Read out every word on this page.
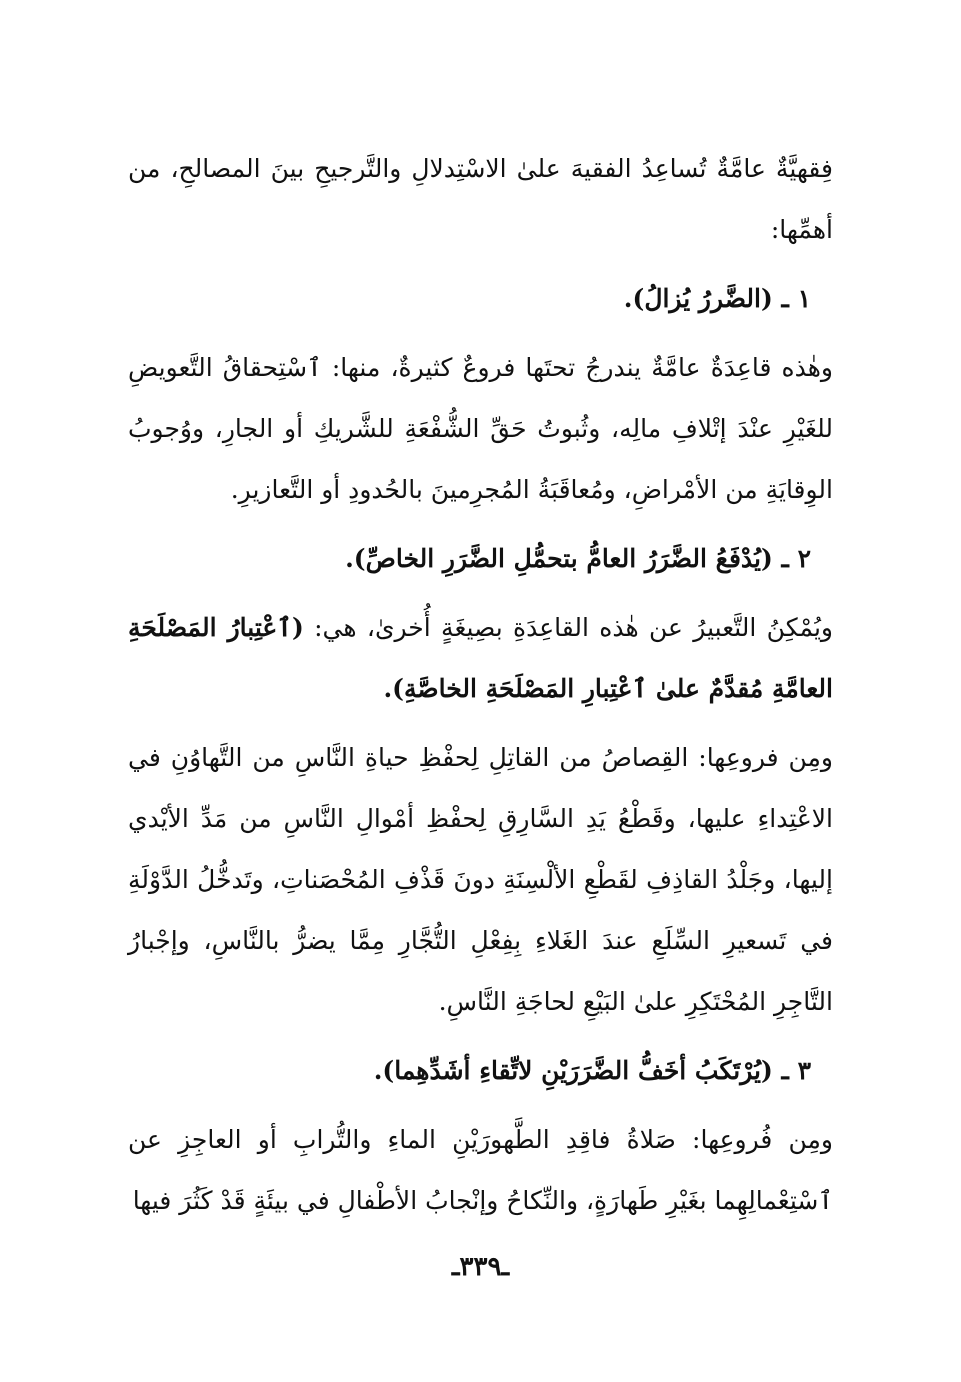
فِقهيَّةٌ عامَّةٌ تُساعِدُ الفقيهَ علىٰ الاسْتِدلالِ والتَّرجيحِ بينَ المصالحِ، من أهمِّها:

١ ـ (الضَّررُ يُزالُ).

وهٰذه قاعِدَةٌ عامَّةٌ يندرجُ تحتَها فروعٌ كثيرةٌ، منها: ٱسْتِحقاقُ التَّعويضِ للغَيْرِ عنْدَ إتْلافِ مالِه، وثُبوتُ حَقِّ الشُّفْعَةِ للشَّريكِ أو الجارِ، ووُجوبُ الوِقايَةِ من الأمْراضِ، ومُعاقَبَةُ المُجرِمينَ بالحُدودِ أو التَّعازيرِ.

٢ ـ (يُدْفَعُ الضَّرَرُ العامُّ بتحمُّلِ الضَّرَرِ الخاصِّ).

ويُمْكِنُ التَّعبيرُ عن هٰذه القاعِدَةِ بصِيغَةٍ أُخرىٰ، هي: (ٱعْتِبارُ المَصْلَحَةِ العامَّةِ مُقدَّمٌ علىٰ ٱعْتِبارِ المَصْلَحَةِ الخاصَّةِ).

ومِن فروعِها: القِصاصُ من القاتِلِ لِحفْظِ حياةِ النَّاسِ من التَّهاوُنِ في الاعْتِداءِ عليها، وقَطْعُ يَدِ السَّارِقِ لِحفْظِ أمْوالِ النَّاسِ من مَدِّ الأيْدي إليها، وجَلْدُ القاذِفِ لقَطْعِ الألْسِنَةِ دونَ قَذْفِ المُحْصَناتِ، وتَدخُّلُ الدَّوْلَةِ في تَسعيرِ السِّلَعِ عندَ الغَلاءِ بِفِعْلِ التُّجَّارِ مِمَّا يضرُّ بالنَّاسِ، وإجْبارُ التَّاجِرِ المُحْتَكِرِ علىٰ البَيْعِ لحاجَةِ النَّاسِ.

٣ ـ (يُرْتَكَبُ أخَفُّ الضَّرَرَيْنِ لاتِّقاءِ أشَدِّهِما).

ومِن فُروعِها: صَلاةُ فاقِدِ الطَّهورَيْنِ الماءِ والتُّرابِ أو العاجِزِ عن ٱسْتِعْمالِهِما بغَيْرِ طَهارَةٍ، والنِّكاحُ وإنْجابُ الأطْفالِ في بيئَةٍ قَدْ كَثُرَ فيها

ـ٣٣٩ـ
